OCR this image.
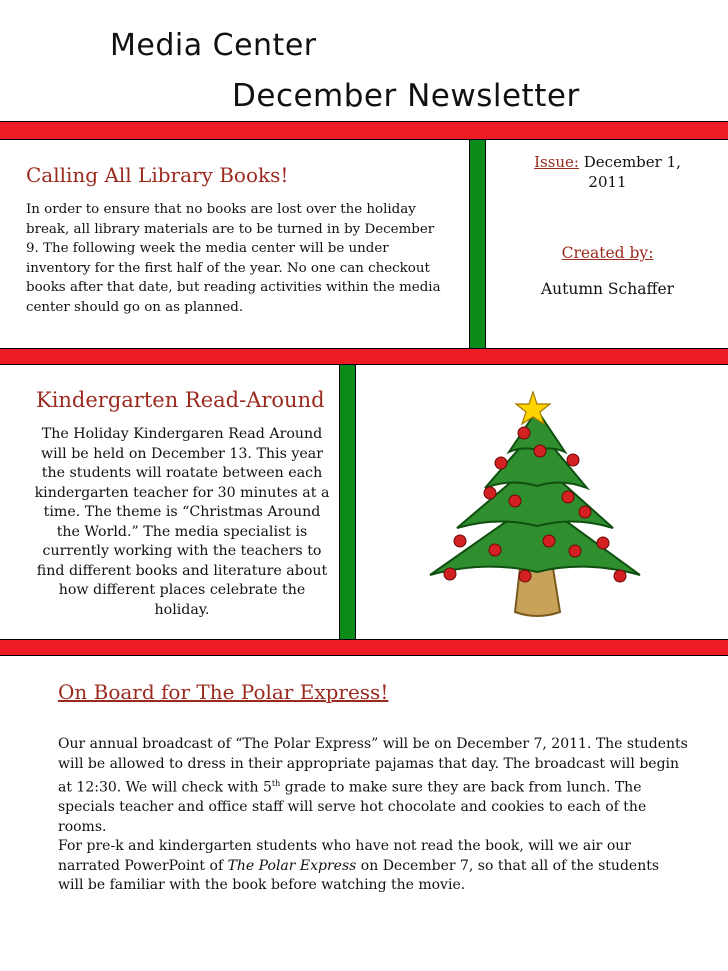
Media Center
December Newsletter
Calling All Library Books!
In order to ensure that no books are lost over the holiday break, all library materials are to be turned in by December 9. The following week the media center will be under inventory for the first half of the year. No one can checkout books after that date, but reading activities within the media center should go on as planned.
Issue: December 1,
2011
Created by:
Autumn Schaffer
Kindergarten Read-Around
The Holiday Kindergaren Read Around will be held on December 13. This year the students will roatate between each kindergarten teacher for 30 minutes at a time. The theme is “Christmas Around the World.” The media specialist is currently working with the teachers to find different books and literature about how different places celebrate the holiday.
On Board for The Polar Express!

Our annual broadcast of “The Polar Express” will be on December 7, 2011. The students will be allowed to dress in their appropriate pajamas that day. The broadcast will begin at 12:30. We will check with 5th grade to make sure they are back from lunch. The specials teacher and office staff will serve hot chocolate and cookies to each of the rooms.

For pre-k and kindergarten students who have not read the book, will we air our narrated PowerPoint of The Polar Express on December 7, so that all of the students will be familiar with the book before watching the movie.
